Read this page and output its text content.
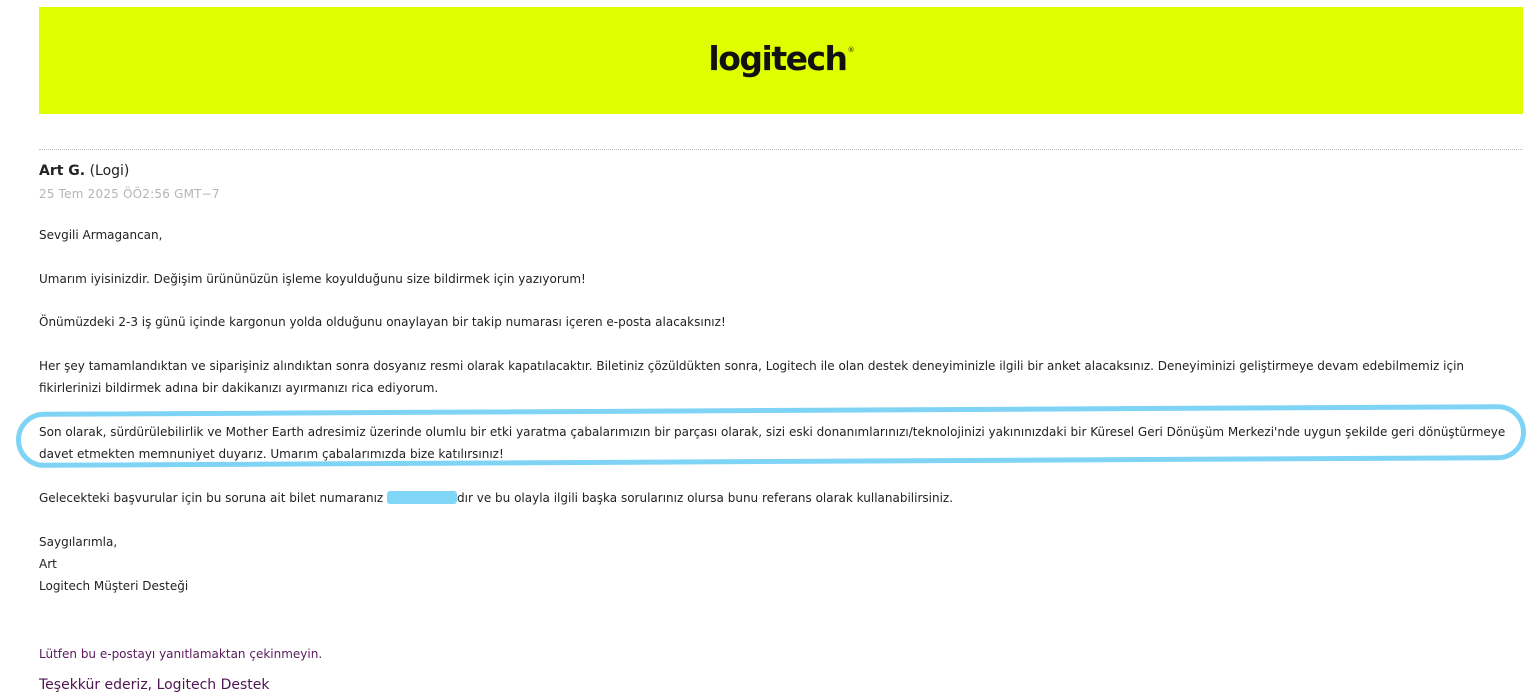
logitech®
Art G. (Logi)
25 Tem 2025 ÖÖ2:56 GMT−7
Sevgili Armagancan,
Umarım iyisinizdir. Değişim ürününüzün işleme koyulduğunu size bildirmek için yazıyorum!
Önümüzdeki 2-3 iş günü içinde kargonun yolda olduğunu onaylayan bir takip numarası içeren e-posta alacaksınız!
Her şey tamamlandıktan ve siparişiniz alındıktan sonra dosyanız resmi olarak kapatılacaktır. Biletiniz çözüldükten sonra, Logitech ile olan destek deneyiminizle ilgili bir anket alacaksınız. Deneyiminizi geliştirmeye devam edebilmemiz için fikirlerinizi bildirmek adına bir dakikanızı ayırmanızı rica ediyorum.
Son olarak, sürdürülebilirlik ve Mother Earth adresimiz üzerinde olumlu bir etki yaratma çabalarımızın bir parçası olarak, sizi eski donanımlarınızı/teknolojinizi yakınınızdaki bir Küresel Geri Dönüşüm Merkezi'nde uygun şekilde geri dönüştürmeye davet etmekten memnuniyet duyarız. Umarım çabalarımızda bize katılırsınız!
Gelecekteki başvurular için bu soruna ait bilet numaranız	dır ve bu olayla ilgili başka sorularınız olursa bunu referans olarak kullanabilirsiniz.
Saygılarımla,
Art
Logitech Müşteri Desteği
Lütfen bu e-postayı yanıtlamaktan çekinmeyin.
Teşekkür ederiz, Logitech Destek
